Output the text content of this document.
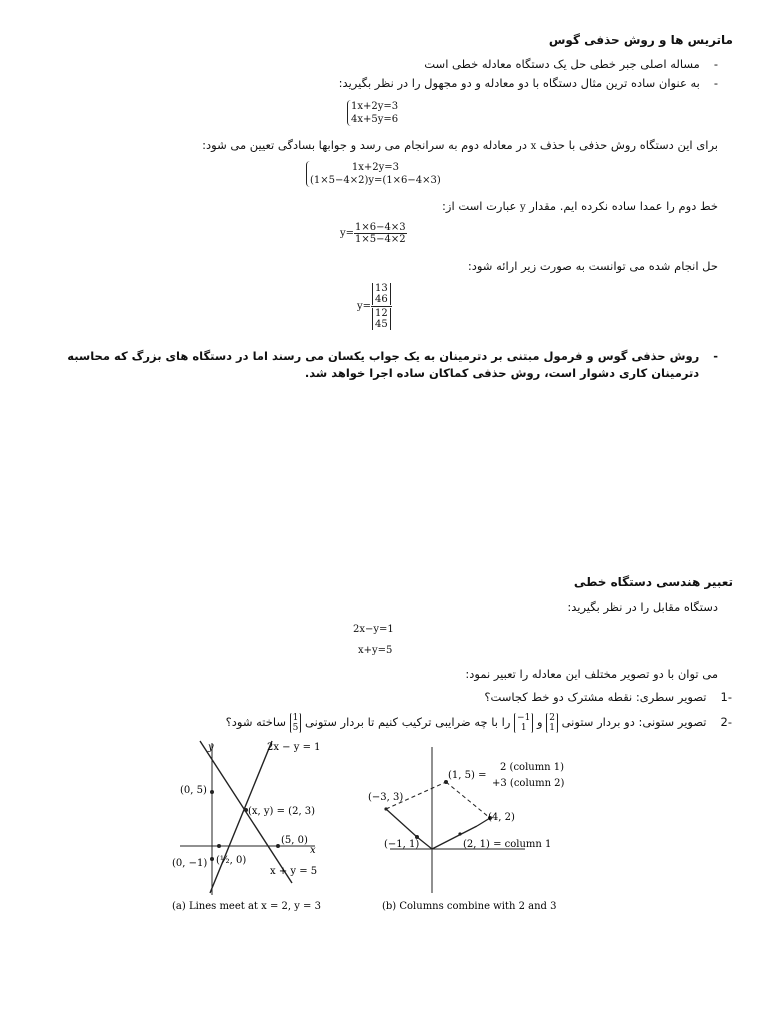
ماتریس ها و روش حذفی گوس
-مساله اصلی جبر خطی حل یک دستگاه معادله خطی است
-به عنوان ساده ترین مثال دستگاه با دو معادله و دو مجهول را در نظر بگیرید:
1x+2y=3
4x+5y=6
برای این دستگاه روش حذفی با حذف x در معادله دوم به سرانجام می رسد و جوابها بسادگی تعیین می شود:
1x+2y=3
(1×5−4×2)y=(1×6−4×3)
خط دوم را عمدا ساده نکرده ایم. مقدار y عبارت است از:
$y= \frac{1\times 6-4\times 3}{1\times 5-4\times 2}$
حل انجام شده می توانست به صورت زیر ارائه شود:
y=
13
46
12
45
-
روش حذفی گوس و فرمول مبتنی بر دترمینان به یک جواب یکسان می رسند اما در دستگاه های بزرگ که محاسبه دترمینان کاری دشوار است، روش حذفی کماکان ساده اجرا خواهد شد.
تعبیر هندسی دستگاه خطی
دستگاه مقابل را در نظر بگیرید:
2x−y=1
x+y=5
می توان با دو تصویر مختلف این معادله را تعبیر نمود:
-1تصویر سطری: نقطه مشترک دو خط کجاست؟
-2تصویر ستونی: دو بردار ستونی
2
1
و
−1
1
را با چه ضرایبی ترکیب کنیم تا بردار ستونی
1
5
ساخته شود؟
y
x
2x − y = 1
x + y = 5
(0, 5)
(x, y) = (2, 3)
(5, 0)
(0, −1) (½, 0)
(a) Lines meet at x = 2, y = 3
(1, 5) =
2 (column 1)
+3 (column 2)
(−3, 3)
(4, 2)
(−1, 1)	(2, 1) = column 1
(b) Columns combine with 2 and 3
